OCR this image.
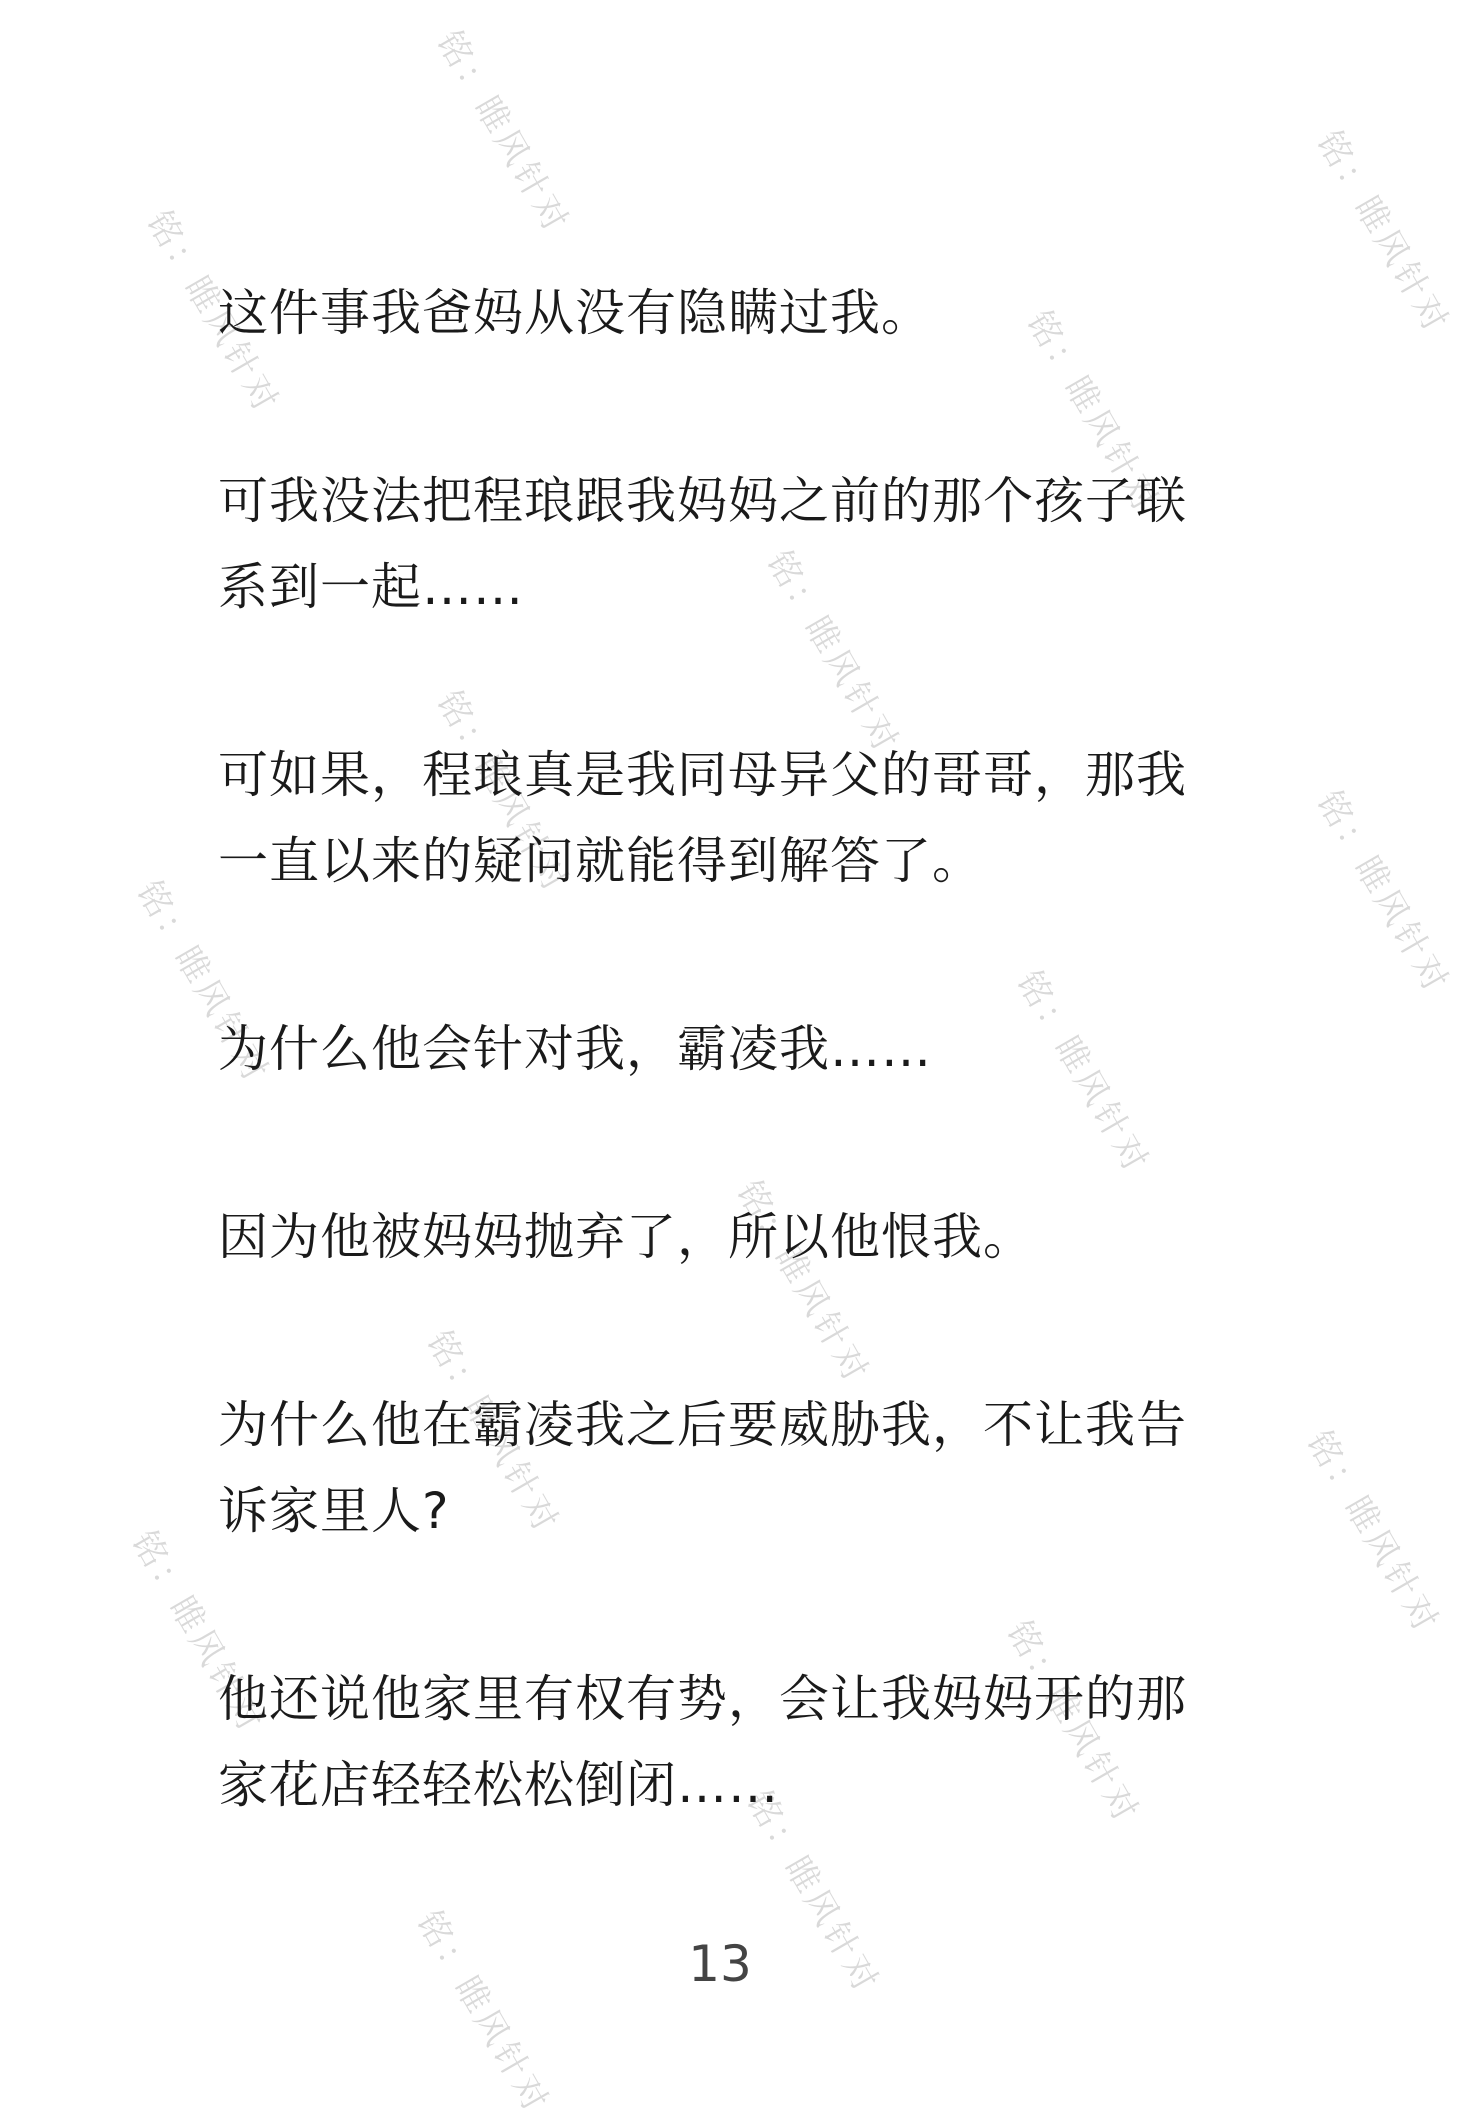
铭：睢风针对	铭：睢风针对
铭：睢风针对	铭：睢风针对
铭：睢风针对
铭：睢风针对	铭：睢风针对
铭：睢风针对	铭：睢风针对
铭：睢风针对
铭：睢风针对	铭：睢风针对
铭：睢风针对	铭：睢风针对
铭：睢风针对
铭：睢风针对

这件事我爸妈从没有隐瞒过我。

可我没法把程琅跟我妈妈之前的那个孩子联系到一起……

可如果，程琅真是我同母异父的哥哥，那我一直以来的疑问就能得到解答了。

为什么他会针对我，霸凌我……

因为他被妈妈抛弃了，所以他恨我。

为什么他在霸凌我之后要威胁我，不让我告诉家里人?

他还说他家里有权有势，会让我妈妈开的那家花店轻轻松松倒闭……

13
